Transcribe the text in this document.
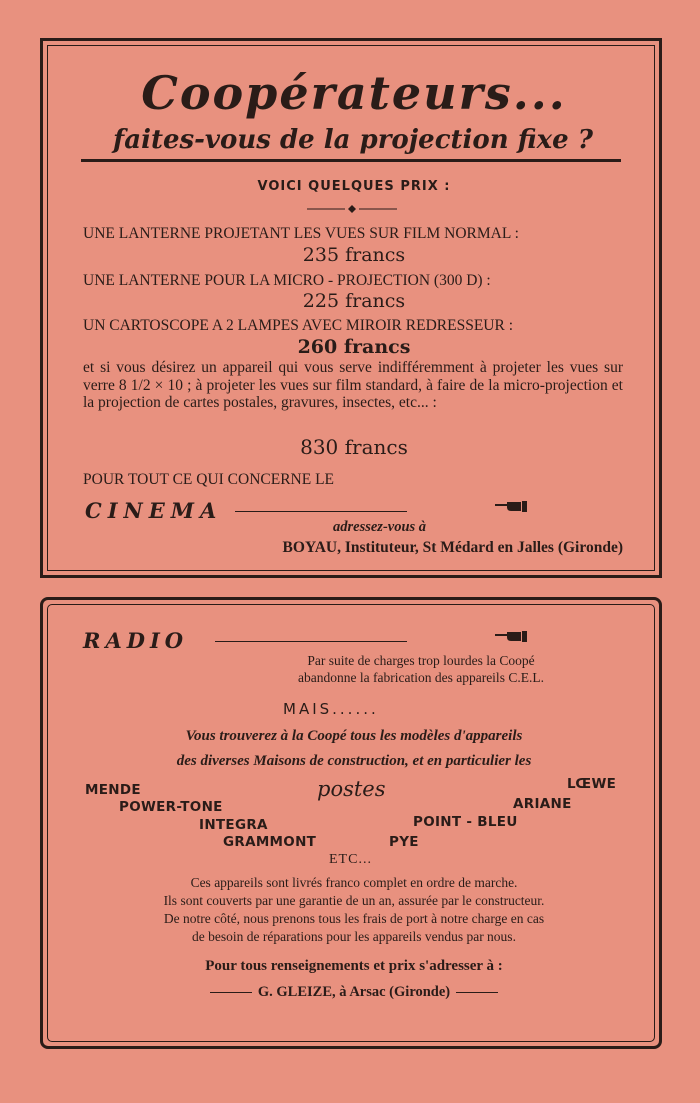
Coopérateurs...
faites-vous de la projection fixe ?
VOICI QUELQUES PRIX :
UNE LANTERNE PROJETANT LES VUES SUR FILM NORMAL :
235 francs
UNE LANTERNE POUR LA MICRO - PROJECTION (300 D) :
225 francs
UN CARTOSCOPE A 2 LAMPES AVEC MIROIR REDRESSEUR :
260 francs
et si vous désirez un appareil qui vous serve indifféremment à projeter les vues sur verre 8 1/2 × 10 ; à projeter les vues sur film standard, à faire de la micro-projection et la projection de cartes postales, gravures, insectes, etc... :
830 francs
POUR TOUT CE QUI CONCERNE LE
CINEMA
adressez-vous à
BOYAU, Instituteur, St Médard en Jalles (Gironde)
RADIO
Par suite de charges trop lourdes la Coopé
abandonne la fabrication des appareils C.E.L.
MAIS......
Vous trouverez à la Coopé tous les modèles d'appareils
des diverses Maisons de construction, et en particulier les
MENDE
POWER-TONE
INTEGRA
GRAMMONT
postes	LŒWE
ARIANE
POINT - BLEU
PYE
ETC...
Ces appareils sont livrés franco complet en ordre de marche.
Ils sont couverts par une garantie de un an, assurée par le constructeur.
De notre côté, nous prenons tous les frais de port à notre charge en cas
de besoin de réparations pour les appareils vendus par nous.
Pour tous renseignements et prix s'adresser à :
G. GLEIZE, à Arsac (Gironde)
